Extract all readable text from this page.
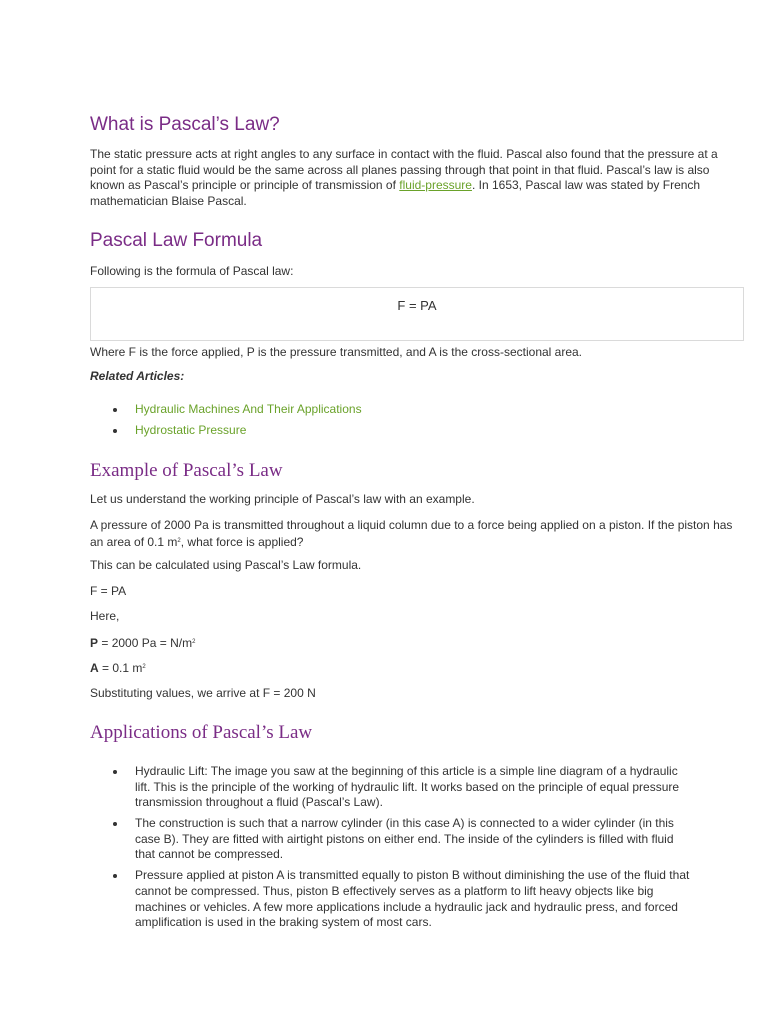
What is Pascal’s Law?

The static pressure acts at right angles to any surface in contact with the fluid. Pascal also found that the pressure at a point for a static fluid would be the same across all planes passing through that point in that fluid. Pascal’s law is also known as Pascal’s principle or principle of transmission of fluid-pressure. In 1653, Pascal law was stated by French mathematician Blaise Pascal.

Pascal Law Formula

Following is the formula of Pascal law:

F = PA

Where F is the force applied, P is the pressure transmitted, and A is the cross-sectional area.

Related Articles:

Hydraulic Machines And Their Applications
Hydrostatic Pressure
Example of Pascal’s Law

Let us understand the working principle of Pascal’s law with an example.

A pressure of 2000 Pa is transmitted throughout a liquid column due to a force being applied on a piston. If the piston has an area of 0.1 $m^2$, what force is applied?

This can be calculated using Pascal’s Law formula.

F = PA

Here,

P = 2000 $Pa = N/m^2$

A = 0.1 $m^2$

Substituting values, we arrive at F = 200 N

Applications of Pascal’s Law
Hydraulic Lift: The image you saw at the beginning of this article is a simple line diagram of a hydraulic lift. This is the principle of the working of hydraulic lift. It works based on the principle of equal pressure transmission throughout a fluid (Pascal’s Law).
The construction is such that a narrow cylinder (in this case A) is connected to a wider cylinder (in this case B). They are fitted with airtight pistons on either end. The inside of the cylinders is filled with fluid that cannot be compressed.
Pressure applied at piston A is transmitted equally to piston B without diminishing the use of the fluid that cannot be compressed. Thus, piston B effectively serves as a platform to lift heavy objects like big machines or vehicles. A few more applications include a hydraulic jack and hydraulic press, and forced amplification is used in the braking system of most cars.
